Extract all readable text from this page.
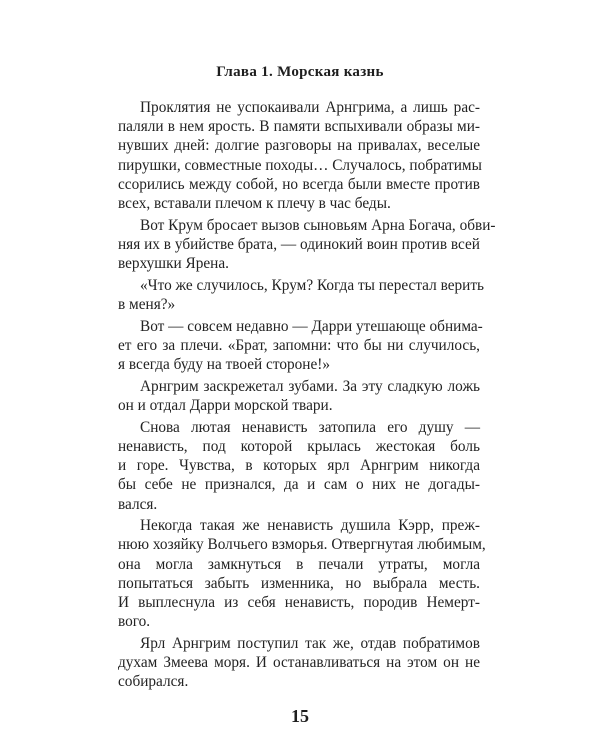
Глава 1. Морская казнь
Проклятия не успокаивали Арнгрима, а лишь рас-
паляли в нем ярость. В памяти вспыхивали образы ми-
нувших дней: долгие разговоры на привалах, веселые
пирушки, совместные походы… Случалось, побратимы
ссорились между собой, но всегда были вместе против
всех, вставали плечом к плечу в час беды.
Вот Крум бросает вызов сыновьям Арна Богача, обви-
няя их в убийстве брата, — одинокий воин против всей
верхушки Ярена.
«Что же случилось, Крум? Когда ты перестал верить
в меня?»
Вот — совсем недавно — Дарри утешающе обнима-
ет его за плечи. «Брат, запомни: что бы ни случилось,
я всегда буду на твоей стороне!»
Арнгрим заскрежетал зубами. За эту сладкую ложь
он и отдал Дарри морской твари.
Снова лютая ненависть затопила его душу —
ненависть, под которой крылась жестокая боль
и горе. Чувства, в которых ярл Арнгрим никогда
бы себе не признался, да и сам о них не догады-
вался.
Некогда такая же ненависть душила Кэрр, преж-
нюю хозяйку Волчьего взморья. Отвергнутая любимым,
она могла замкнуться в печали утраты, могла
попытаться забыть изменника, но выбрала месть.
И выплеснула из себя ненависть, породив Немерт-
вого.
Ярл Арнгрим поступил так же, отдав побратимов
духам Змеева моря. И останавливаться на этом он не
собирался.
15
